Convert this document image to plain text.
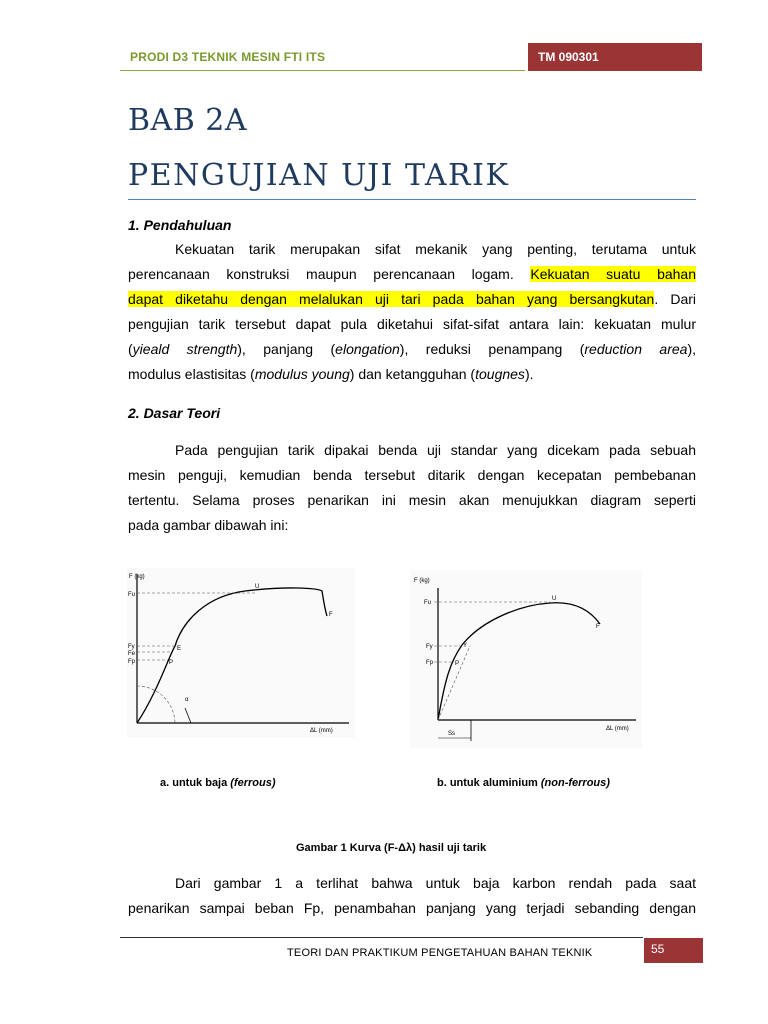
PRODI D3 TEKNIK MESIN FTI ITS	TM 090301
BAB 2A
PENGUJIAN UJI TARIK
1. Pendahuluan
Kekuatan tarik merupakan sifat mekanik yang penting, terutama untuk
perencanaan konstruksi maupun perencanaan logam. Kekuatan suatu bahan
dapat diketahu dengan melalukan uji tari pada bahan yang bersangkutan. Dari
pengujian tarik tersebut dapat pula diketahui sifat-sifat antara lain: kekuatan mulur
(yieald strength), panjang (elongation), reduksi penampang (reduction area),
modulus elastisitas (modulus young) dan ketangguhan (tougnes).
2. Dasar Teori
Pada pengujian tarik dipakai benda uji standar yang dicekam pada sebuah
mesin penguji, kemudian benda tersebut ditarik dengan kecepatan pembebanan
tertentu. Selama proses penarikan ini mesin akan menujukkan diagram seperti
pada gambar dibawah ini:
F (kg)
Fu
Fy
Fe
Fp
U
F
E
P
α
ΔL (mm)
a. untuk baja (ferrous)
F (kg)
Fu
Fy
Fp
U
F
Y
P
Ss
ΔL (mm)
b. untuk aluminium (non-ferrous)
Gambar 1 Kurva (F-Δλ) hasil uji tarik
Dari gambar 1 a terlihat bahwa untuk baja karbon rendah pada saat
penarikan sampai beban Fp, penambahan panjang yang terjadi sebanding dengan
TEORI DAN PRAKTIKUM PENGETAHUAN BAHAN TEKNIK	55
